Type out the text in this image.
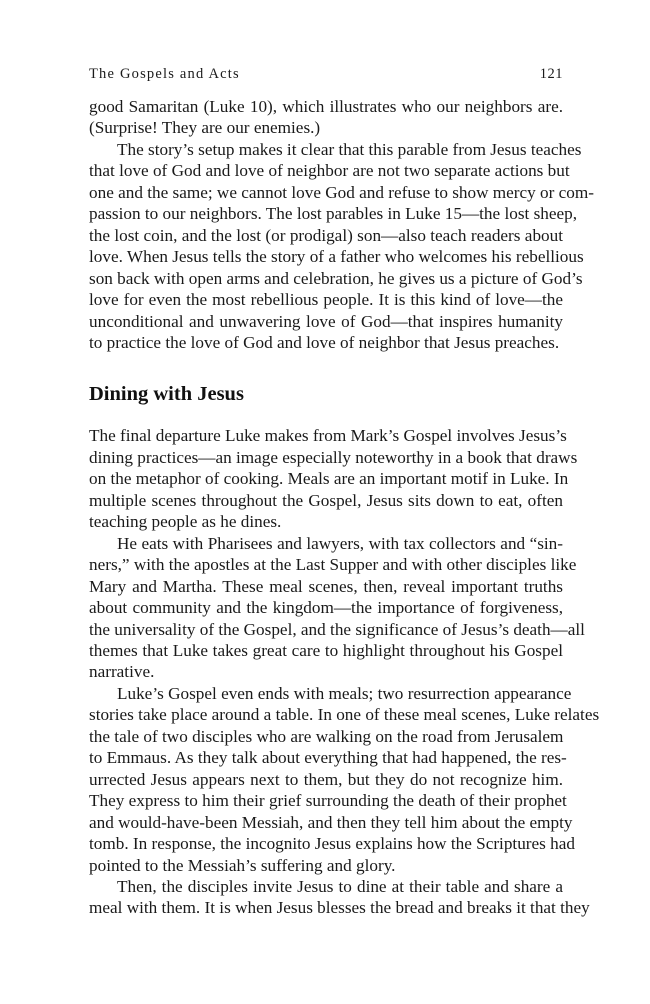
The Gospels and Acts	121

good Samaritan (Luke 10), which illustrates who our neighbors are.
(Surprise! They are our enemies.)

The story’s setup makes it clear that this parable from Jesus teaches
that love of God and love of neighbor are not two separate actions but
one and the same; we cannot love God and refuse to show mercy or com-
passion to our neighbors. The lost parables in Luke 15—the lost sheep,
the lost coin, and the lost (or prodigal) son—also teach readers about
love. When Jesus tells the story of a father who welcomes his rebellious
son back with open arms and celebration, he gives us a picture of God’s
love for even the most rebellious people. It is this kind of love—the
unconditional and unwavering love of God—that inspires humanity
to practice the love of God and love of neighbor that Jesus preaches.

Dining with Jesus

The final departure Luke makes from Mark’s Gospel involves Jesus’s
dining practices—an image especially noteworthy in a book that draws
on the metaphor of cooking. Meals are an important motif in Luke. In
multiple scenes throughout the Gospel, Jesus sits down to eat, often
teaching people as he dines.

He eats with Pharisees and lawyers, with tax collectors and “sin-
ners,” with the apostles at the Last Supper and with other disciples like
Mary and Martha. These meal scenes, then, reveal important truths
about community and the kingdom—the importance of forgiveness,
the universality of the Gospel, and the significance of Jesus’s death—all
themes that Luke takes great care to highlight throughout his Gospel
narrative.

Luke’s Gospel even ends with meals; two resurrection appearance
stories take place around a table. In one of these meal scenes, Luke relates
the tale of two disciples who are walking on the road from Jerusalem
to Emmaus. As they talk about everything that had happened, the res-
urrected Jesus appears next to them, but they do not recognize him.
They express to him their grief surrounding the death of their prophet
and would-have-been Messiah, and then they tell him about the empty
tomb. In response, the incognito Jesus explains how the Scriptures had
pointed to the Messiah’s suffering and glory.

Then, the disciples invite Jesus to dine at their table and share a
meal with them. It is when Jesus blesses the bread and breaks it that they
